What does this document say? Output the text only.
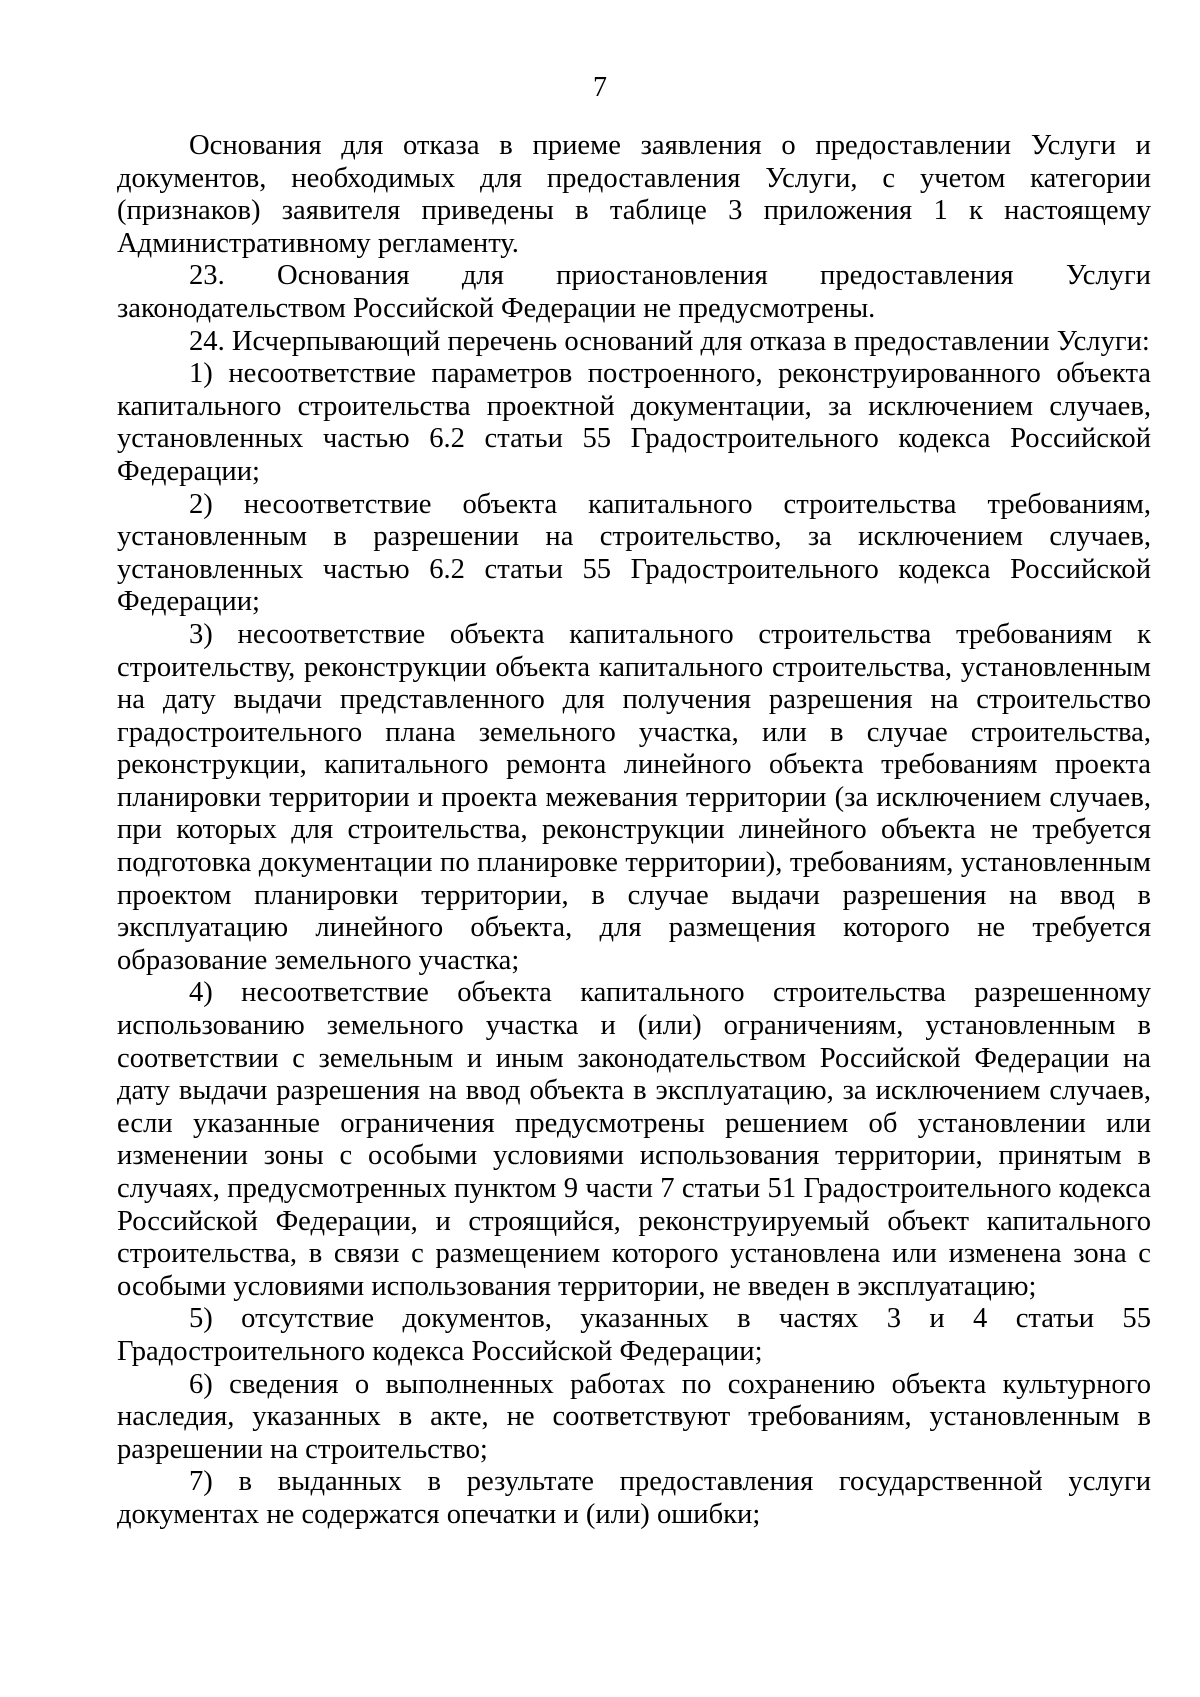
7

Основания для отказа в приеме заявления о предоставлении Услуги и документов, необходимых для предоставления Услуги, с учетом категории (признаков) заявителя приведены в таблице 3 приложения 1 к настоящему Административному регламенту.

23. Основания для приостановления предоставления Услуги законодательством Российской Федерации не предусмотрены.

24. Исчерпывающий перечень оснований для отказа в предоставлении Услуги:

1) несоответствие параметров построенного, реконструированного объекта капитального строительства проектной документации, за исключением случаев, установленных частью 6.2 статьи 55 Градостроительного кодекса Российской Федерации;

2) несоответствие объекта капитального строительства требованиям, установленным в разрешении на строительство, за исключением случаев, установленных частью 6.2 статьи 55 Градостроительного кодекса Российской Федерации;

3) несоответствие объекта капитального строительства требованиям к строительству, реконструкции объекта капитального строительства, установленным на дату выдачи представленного для получения разрешения на строительство градостроительного плана земельного участка, или в случае строительства, реконструкции, капитального ремонта линейного объекта требованиям проекта планировки территории и проекта межевания территории (за исключением случаев, при которых для строительства, реконструкции линейного объекта не требуется подготовка документации по планировке территории), требованиям, установленным проектом планировки территории, в случае выдачи разрешения на ввод в эксплуатацию линейного объекта, для размещения которого не требуется образование земельного участка;

4) несоответствие объекта капитального строительства разрешенному использованию земельного участка и (или) ограничениям, установленным в соответствии с земельным и иным законодательством Российской Федерации на дату выдачи разрешения на ввод объекта в эксплуатацию, за исключением случаев, если указанные ограничения предусмотрены решением об установлении или изменении зоны с особыми условиями использования территории, принятым в случаях, предусмотренных пунктом 9 части 7 статьи 51 Градостроительного кодекса Российской Федерации, и строящийся, реконструируемый объект капитального строительства, в связи с размещением которого установлена или изменена зона с особыми условиями использования территории, не введен в эксплуатацию;

5) отсутствие документов, указанных в частях 3 и 4 статьи 55 Градостроительного кодекса Российской Федерации;

6) сведения о выполненных работах по сохранению объекта культурного наследия, указанных в акте, не соответствуют требованиям, установленным в разрешении на строительство;

7) в выданных в результате предоставления государственной услуги документах не содержатся опечатки и (или) ошибки;
